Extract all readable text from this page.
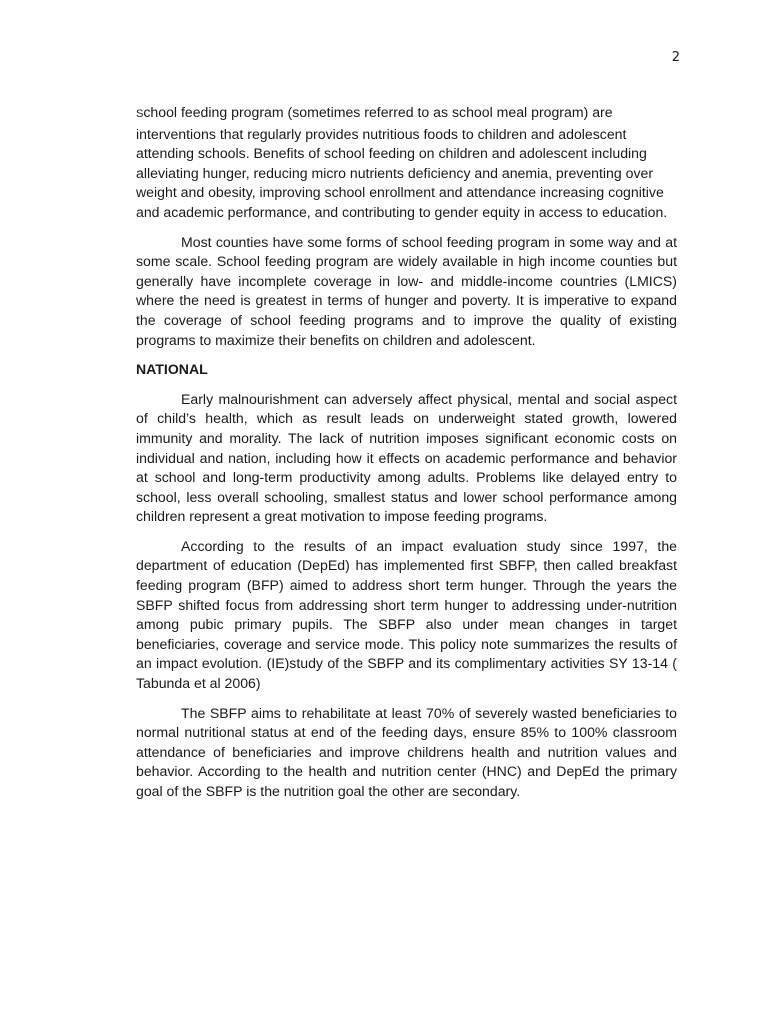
2

School feeding program (sometimes referred to as school meal program) are interventions that regularly provides nutritious foods to children and adolescent attending schools. Benefits of school feeding on children and adolescent including alleviating hunger, reducing micro nutrients deficiency and anemia, preventing over weight and obesity, improving school enrollment and attendance increasing cognitive and academic performance, and contributing to gender equity in access to education.

Most counties have some forms of school feeding program in some way and at some scale. School feeding program are widely available in high income counties but generally have incomplete coverage in low- and middle-income countries (LMICS) where the need is greatest in terms of hunger and poverty. It is imperative to expand the coverage of school feeding programs and to improve the quality of existing programs to maximize their benefits on children and adolescent.

NATIONAL

Early malnourishment can adversely affect physical, mental and social aspect of child’s health, which as result leads on underweight stated growth, lowered immunity and morality. The lack of nutrition imposes significant economic costs on individual and nation, including how it effects on academic performance and behavior at school and long-term productivity among adults. Problems like delayed entry to school, less overall schooling, smallest status and lower school performance among children represent a great motivation to impose feeding programs.

According to the results of an impact evaluation study since 1997, the department of education (DepEd) has implemented first SBFP, then called breakfast feeding program (BFP) aimed to address short term hunger. Through the years the SBFP shifted focus from addressing short term hunger to addressing under-nutrition among pubic primary pupils. The SBFP also under mean changes in target beneficiaries, coverage and service mode. This policy note summarizes the results of an impact evolution. (IE)study of the SBFP and its complimentary activities SY 13-14 ( Tabunda et al 2006)

The SBFP aims to rehabilitate at least 70% of severely wasted beneficiaries to normal nutritional status at end of the feeding days, ensure 85% to 100% classroom attendance of beneficiaries and improve childrens health and nutrition values and behavior. According to the health and nutrition center (HNC) and DepEd the primary goal of the SBFP is the nutrition goal the other are secondary.
